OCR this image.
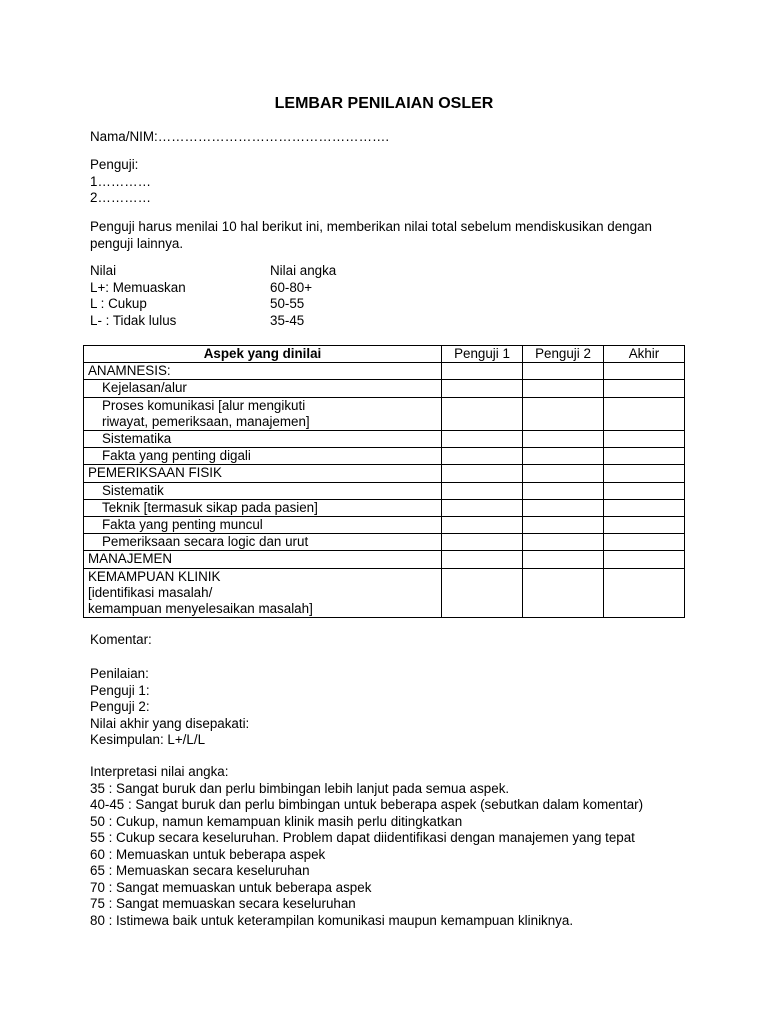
LEMBAR PENILAIAN OSLER
Nama/NIM:…………………………………………….
Penguji:
1…………
2…………
Penguji harus menilai 10 hal berikut ini, memberikan nilai total sebelum mendiskusikan dengan penguji lainnya.
Nilai	Nilai angka
L+: Memuaskan	60-80+
L : Cukup	50-55
L- : Tidak lulus	35-45
Aspek yang dinilai	Penguji 1	Penguji 2	Akhir
ANAMNESIS:			
Kejelasan/alur			
Proses komunikasi [alur mengikuti
riwayat, pemeriksaan, manajemen]			
Sistematika			
Fakta yang penting digali			
PEMERIKSAAN FISIK			
Sistematik			
Teknik [termasuk sikap pada pasien]			
Fakta yang penting muncul			
Pemeriksaan secara logic dan urut			
MANAJEMEN			
KEMAMPUAN KLINIK
[identifikasi masalah/
kemampuan menyelesaikan masalah]			
Komentar:
Penilaian:
Penguji 1:
Penguji 2:
Nilai akhir yang disepakati:
Kesimpulan: L+/L/L
Interpretasi nilai angka:
35 : Sangat buruk dan perlu bimbingan lebih lanjut pada semua aspek.
40-45 : Sangat buruk dan perlu bimbingan untuk beberapa aspek (sebutkan dalam komentar)
50 : Cukup, namun kemampuan klinik masih perlu ditingkatkan
55 : Cukup secara keseluruhan. Problem dapat diidentifikasi dengan manajemen yang tepat
60 : Memuaskan untuk beberapa aspek
65 : Memuaskan secara keseluruhan
70 : Sangat memuaskan untuk beberapa aspek
75 : Sangat memuaskan secara keseluruhan
80 : Istimewa baik untuk keterampilan komunikasi maupun kemampuan kliniknya.
